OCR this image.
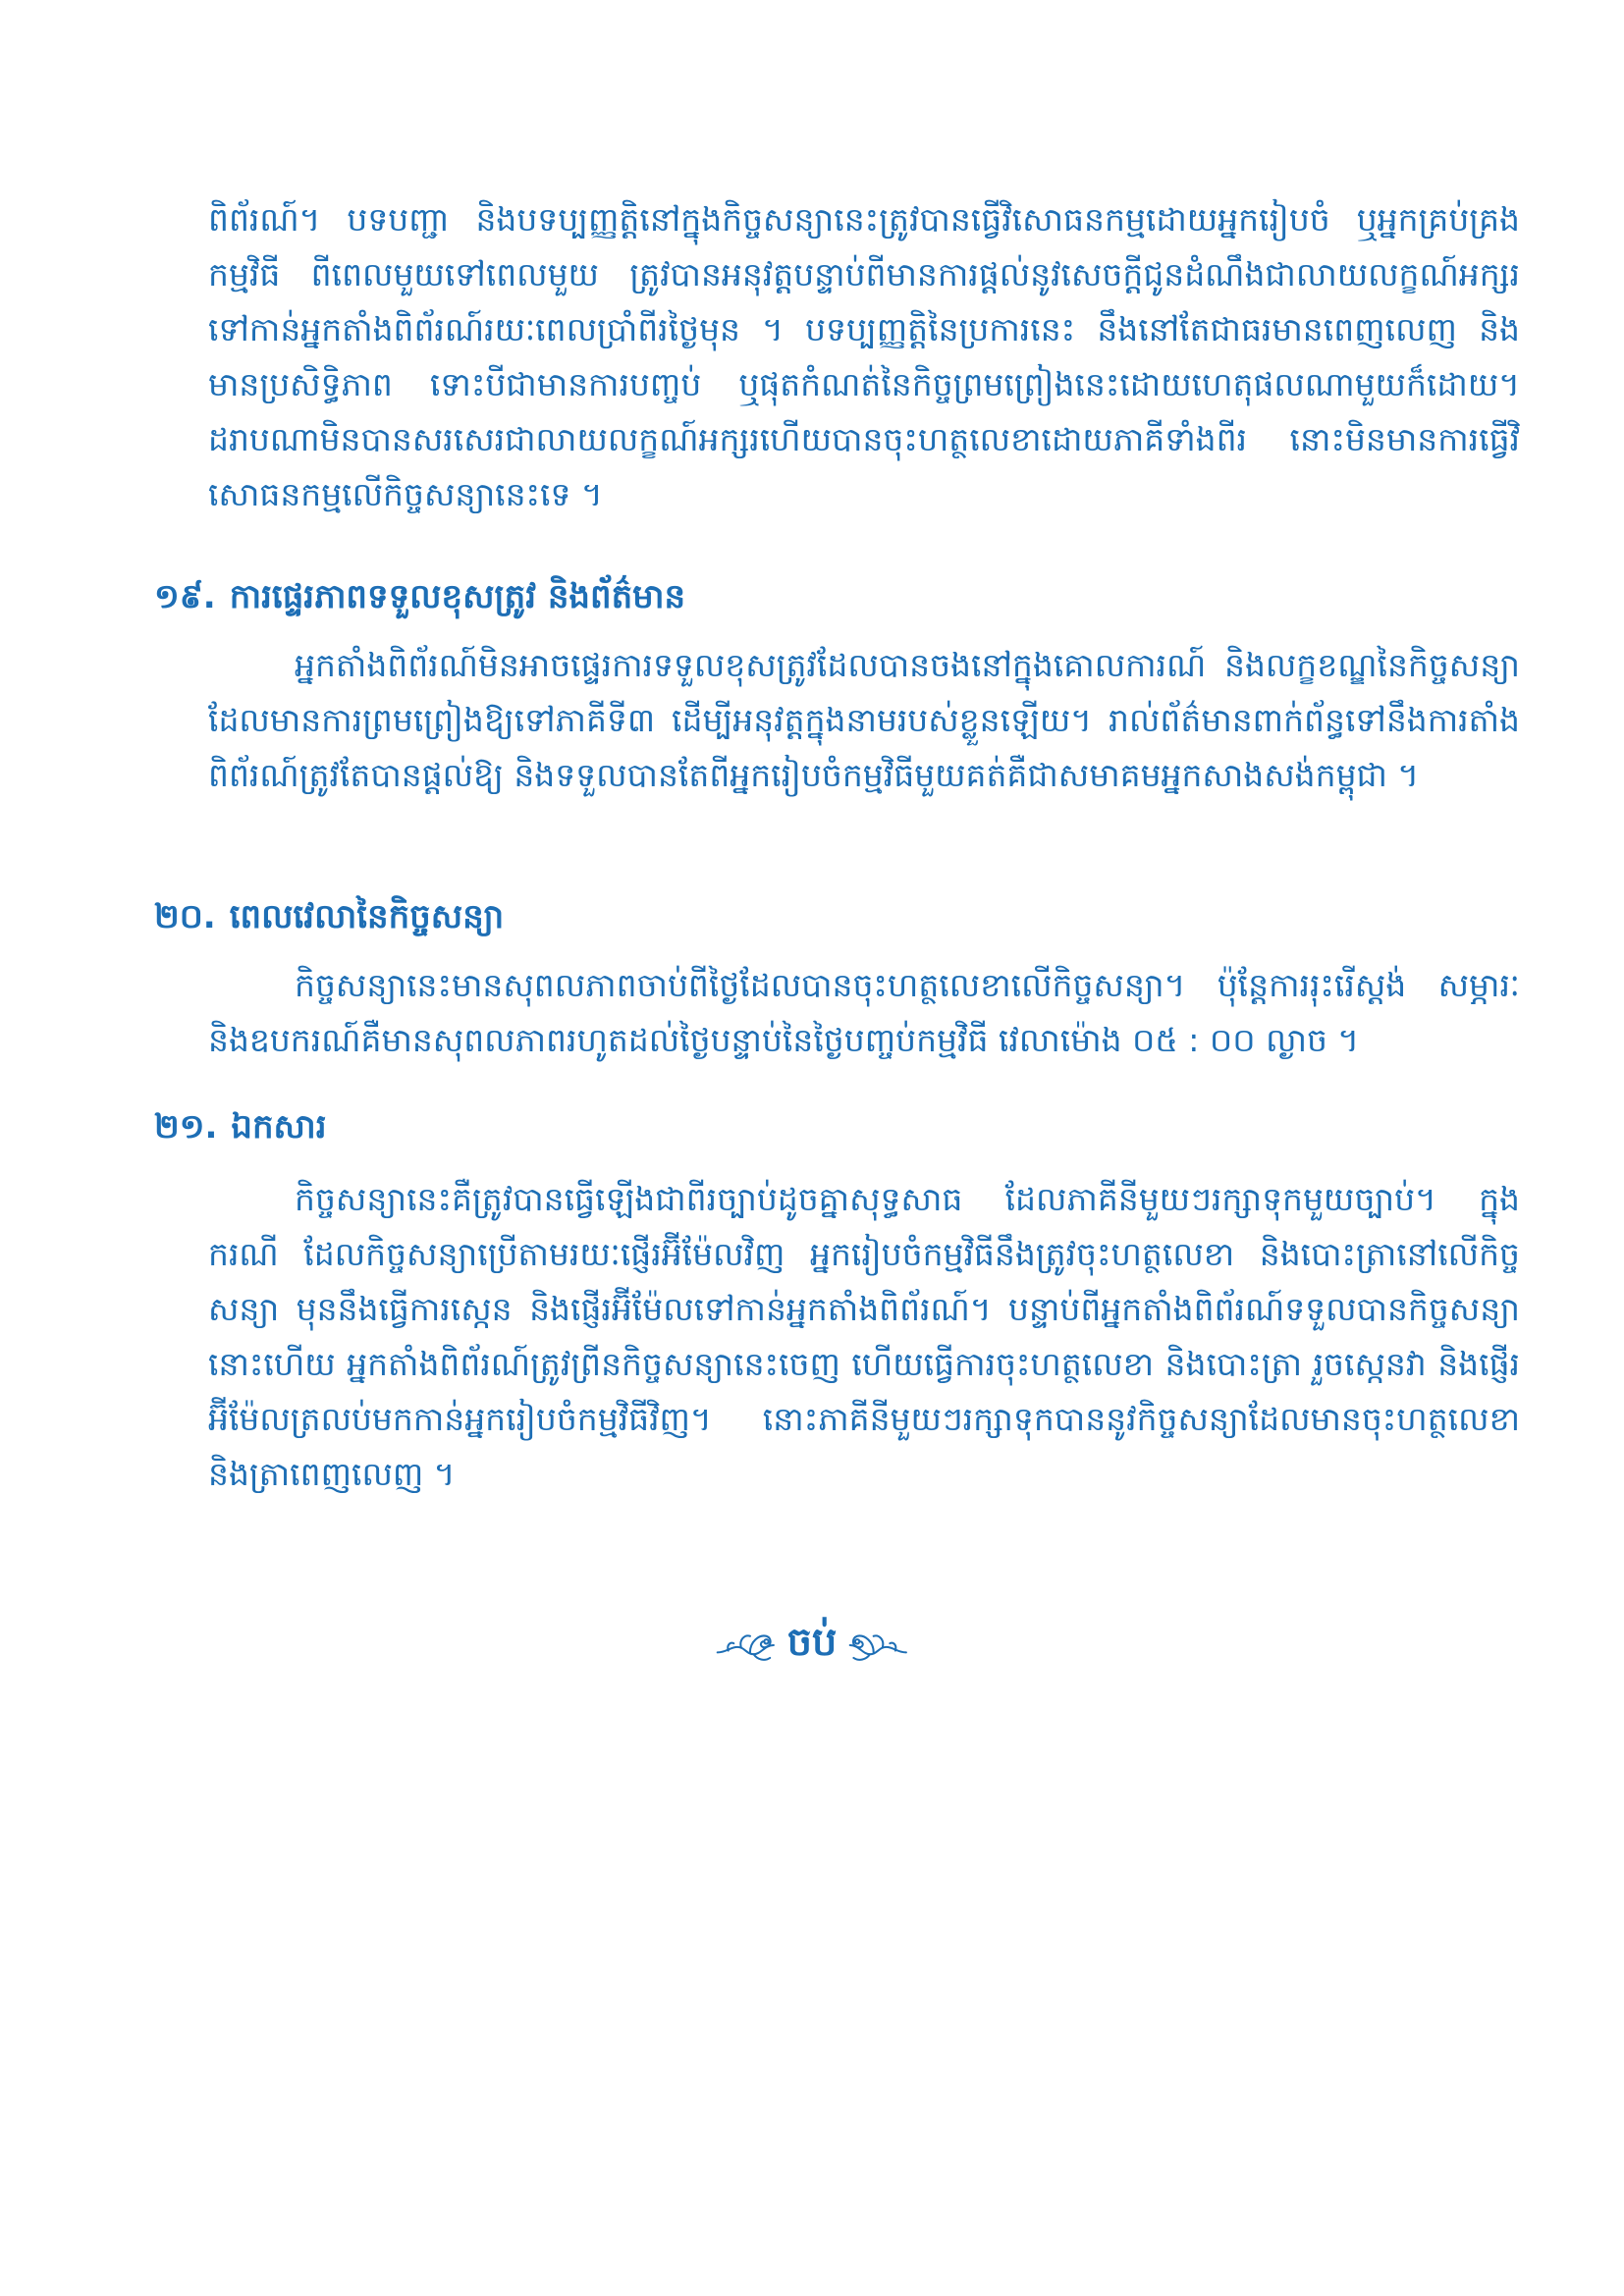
ពិព័រណ៍។ បទបញ្ជា និងបទប្បញ្ញត្តិនៅក្នុងកិច្ចសន្យានេះត្រូវបានធ្វើវិសោធនកម្មដោយអ្នករៀបចំ ឬអ្នកគ្រប់គ្រងកម្មវិធី ពីពេលមួយទៅពេលមួយ ត្រូវបានអនុវត្តបន្ទាប់ពីមានការផ្តល់នូវសេចក្តីជូនដំណឹងជាលាយលក្ខណ៍អក្សរទៅកាន់អ្នកតាំងពិព័រណ៍រយៈពេលប្រាំពីរថ្ងៃមុន ។ បទប្បញ្ញត្តិនៃប្រការនេះ នឹងនៅតែជាធរមានពេញលេញ និងមានប្រសិទ្ធិភាព ទោះបីជាមានការបញ្ចប់ ឬផុតកំណត់នៃកិច្ចព្រមព្រៀងនេះដោយហេតុផលណាមួយក៏ដោយ។ដរាបណាមិនបានសរសេរជាលាយលក្ខណ៍អក្សរហើយបានចុះហត្ថលេខាដោយភាគីទាំងពីរ នោះមិនមានការធ្វើវិសោធនកម្មលើកិច្ចសន្យានេះទេ ។

១៩. ការផ្ទេរភាពទទួលខុសត្រូវ និងព័ត៌មាន

អ្នកតាំងពិព័រណ៍មិនអាចផ្ទេរការទទួលខុសត្រូវដែលបានចងនៅក្នុងគោលការណ៍ និងលក្ខខណ្ឌនៃកិច្ចសន្យាដែលមានការព្រមព្រៀងឱ្យទៅភាគីទី៣ ដើម្បីអនុវត្តក្នុងនាមរបស់ខ្លួនឡើយ។ រាល់ព័ត៌មានពាក់ព័ន្ធទៅនឹងការតាំងពិព័រណ៍ត្រូវតែបានផ្តល់ឱ្យ និងទទួលបានតែពីអ្នករៀបចំកម្មវិធីមួយគត់គឺជាសមាគមអ្នកសាងសង់កម្ពុជា ។

២០. ពេលវេលានៃកិច្ចសន្យា

កិច្ចសន្យានេះមានសុពលភាពចាប់ពីថ្ងៃដែលបានចុះហត្ថលេខាលើកិច្ចសន្យា។ ប៉ុន្តែការរុះរើស្តង់ សម្ភារៈ និងឧបករណ៍គឺមានសុពលភាពរហូតដល់ថ្ងៃបន្ទាប់នៃថ្ងៃបញ្ចប់កម្មវិធី វេលាម៉ោង ០៥ : ០០ ល្ងាច ។

២១. ឯកសារ

កិច្ចសន្យានេះគឺត្រូវបានធ្វើឡើងជាពីរច្បាប់ដូចគ្នាសុទ្ធសាធ ដែលភាគីនីមួយៗរក្សាទុកមួយច្បាប់។ ក្នុងករណី ដែលកិច្ចសន្យាប្រើតាមរយៈផ្ញើរអ៊ីម៉ែលវិញ អ្នករៀបចំកម្មវិធីនឹងត្រូវចុះហត្ថលេខា និងបោះត្រានៅលើកិច្ចសន្យា មុននឹងធ្វើការស្កេន និងផ្ញើរអ៊ីម៉ែលទៅកាន់អ្នកតាំងពិព័រណ៍។ បន្ទាប់ពីអ្នកតាំងពិព័រណ៍ទទួលបានកិច្ចសន្យានោះហើយ អ្នកតាំងពិព័រណ៍ត្រូវព្រីនកិច្ចសន្យានេះចេញ ហើយធ្វើការចុះហត្ថលេខា និងបោះត្រា រួចស្កេនវា និងផ្ញើរអ៊ីម៉ែលត្រលប់មកកាន់អ្នករៀបចំកម្មវិធីវិញ។ នោះភាគីនីមួយៗរក្សាទុកបាននូវកិច្ចសន្យាដែលមានចុះហត្ថលេខា និងត្រាពេញលេញ ។

ចប់
